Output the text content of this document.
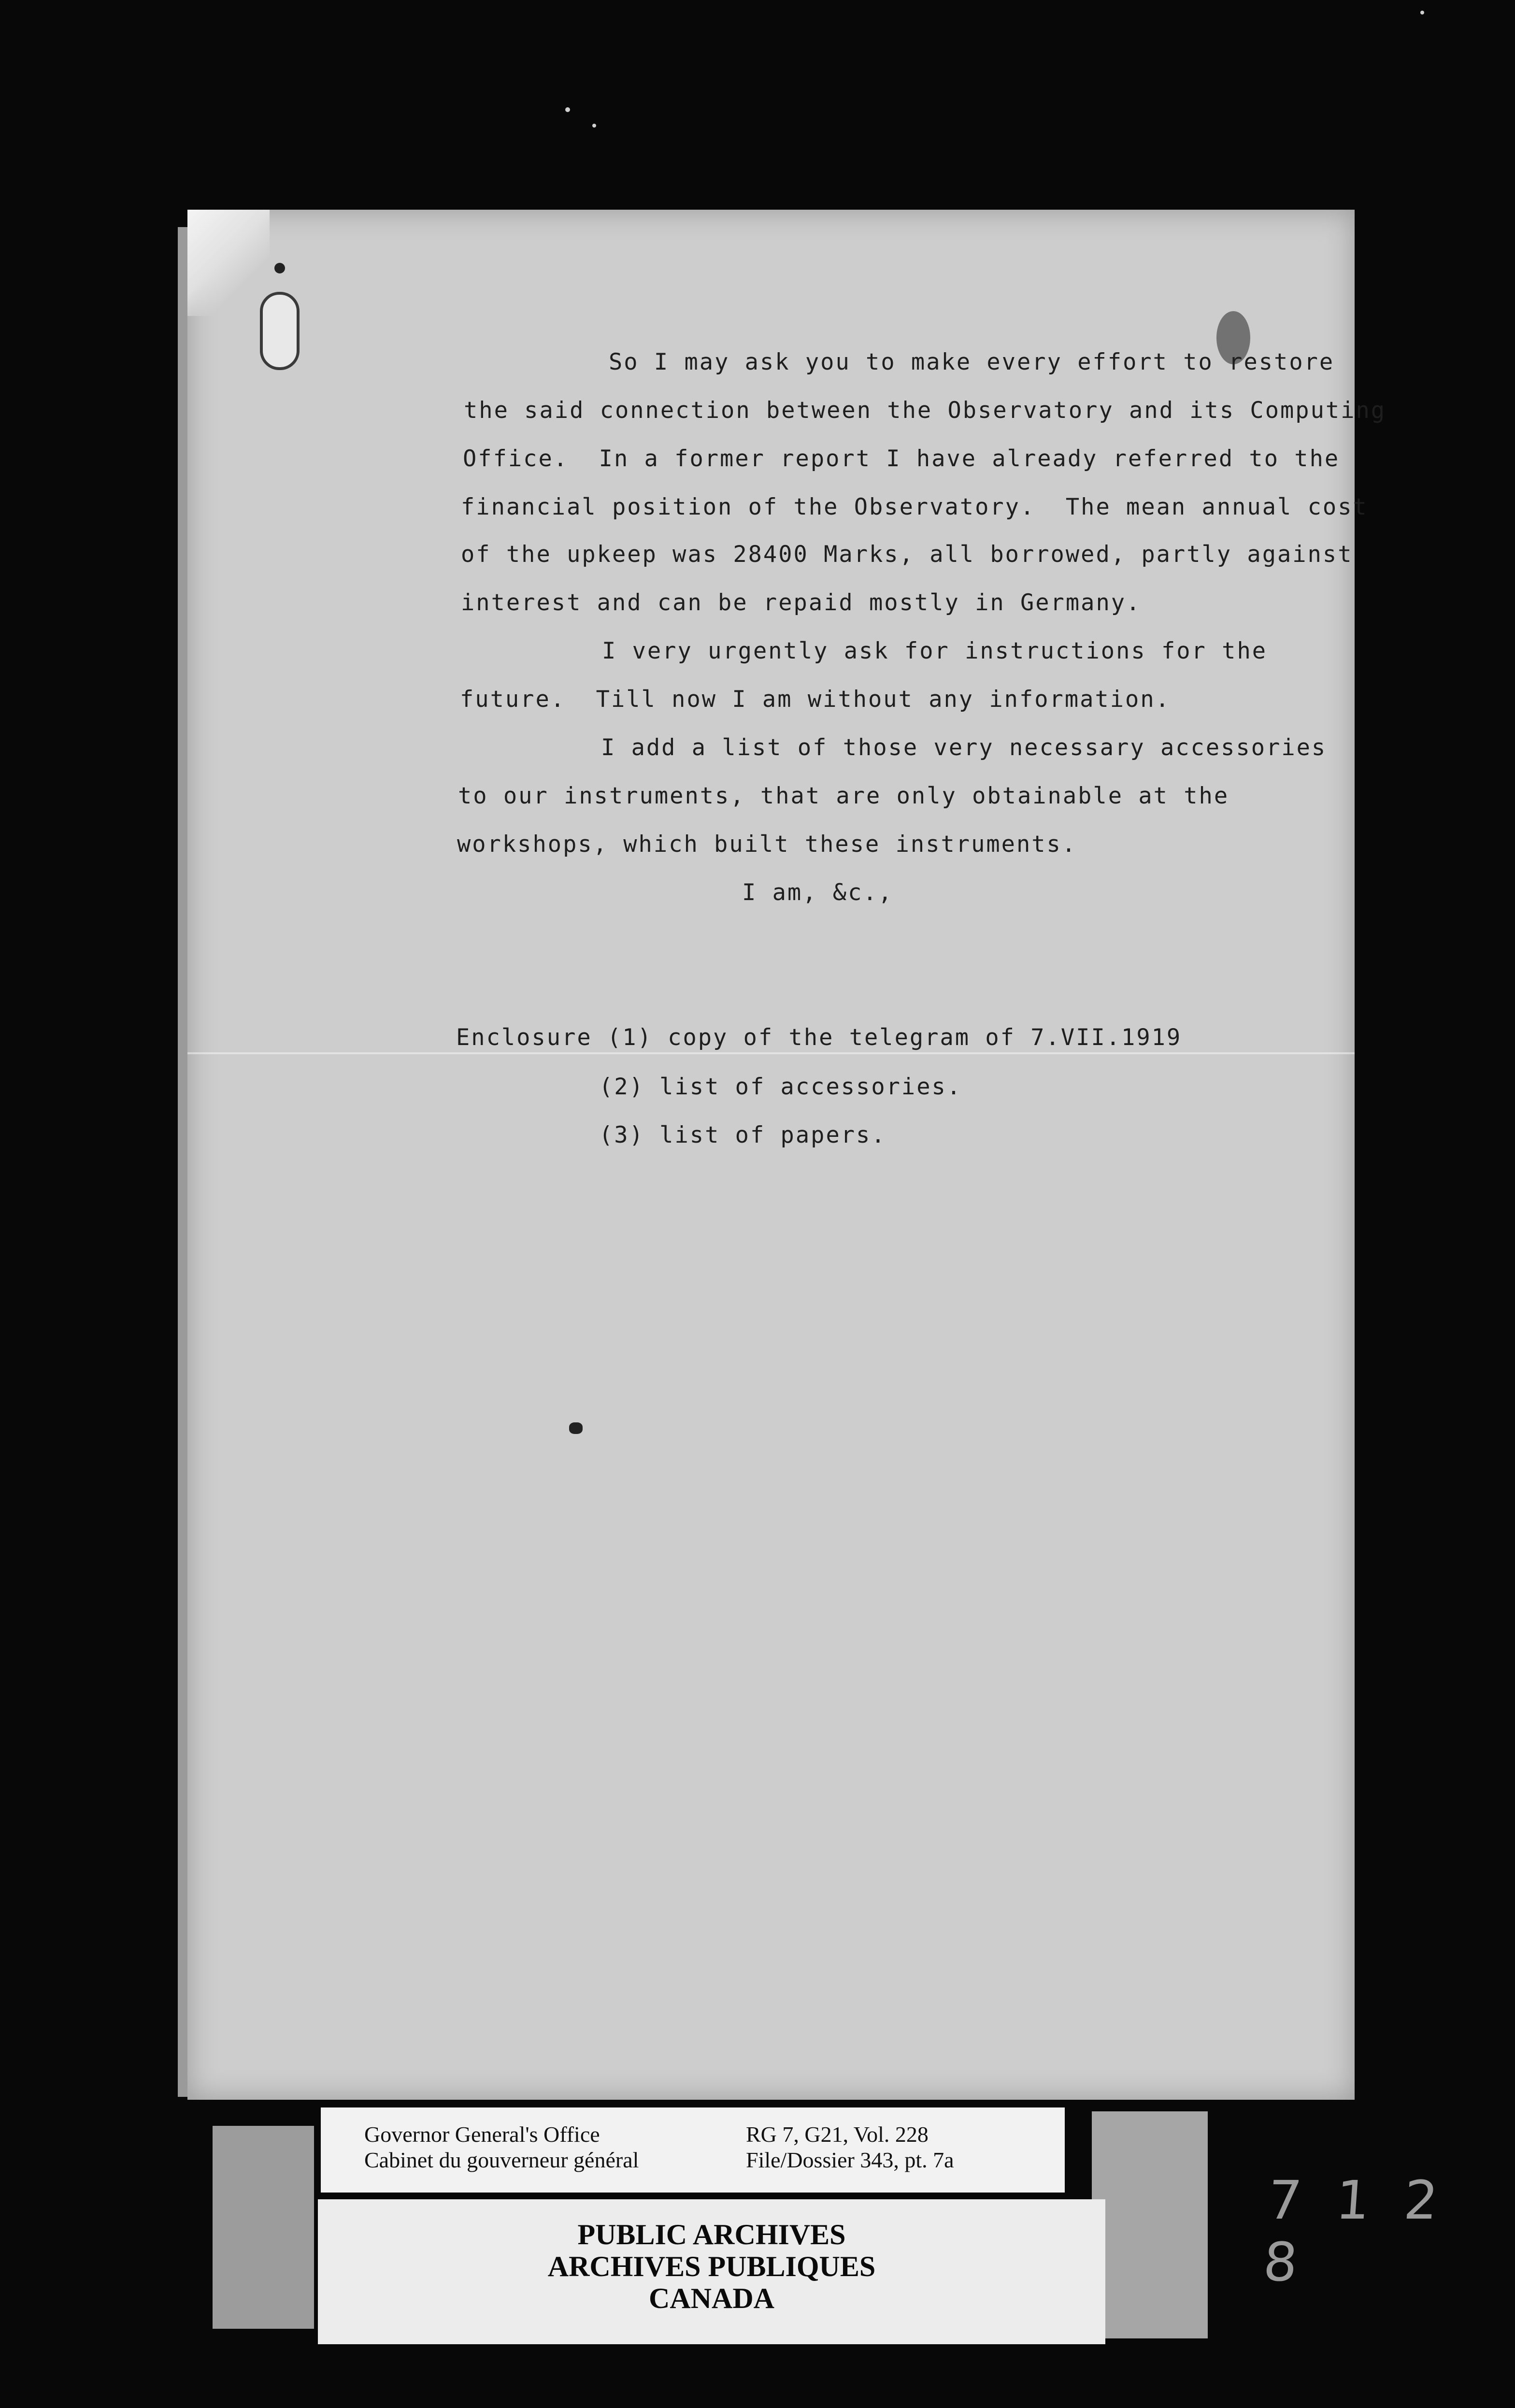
So I may ask you to make every effort to restore

the said connection between the Observatory and its Computing

Office.  In a former report I have already referred to the

financial position of the Observatory.  The mean annual cost

of the upkeep was 28400 Marks, all borrowed, partly against

interest and can be repaid mostly in Germany.

I very urgently ask for instructions for the

future.  Till now I am without any information.

I add a list of those very necessary accessories

to our instruments, that are only obtainable at the

workshops, which built these instruments.

I am, &c.,

Enclosure (1) copy of the telegram of 7.VII.1919

(2) list of accessories.

(3) list of papers.

Governor General's Office
Cabinet du gouverneur général
RG 7, G21, Vol. 228
File/Dossier 343, pt. 7a
PUBLIC ARCHIVES
ARCHIVES PUBLIQUES
CANADA
7 1 2 8
